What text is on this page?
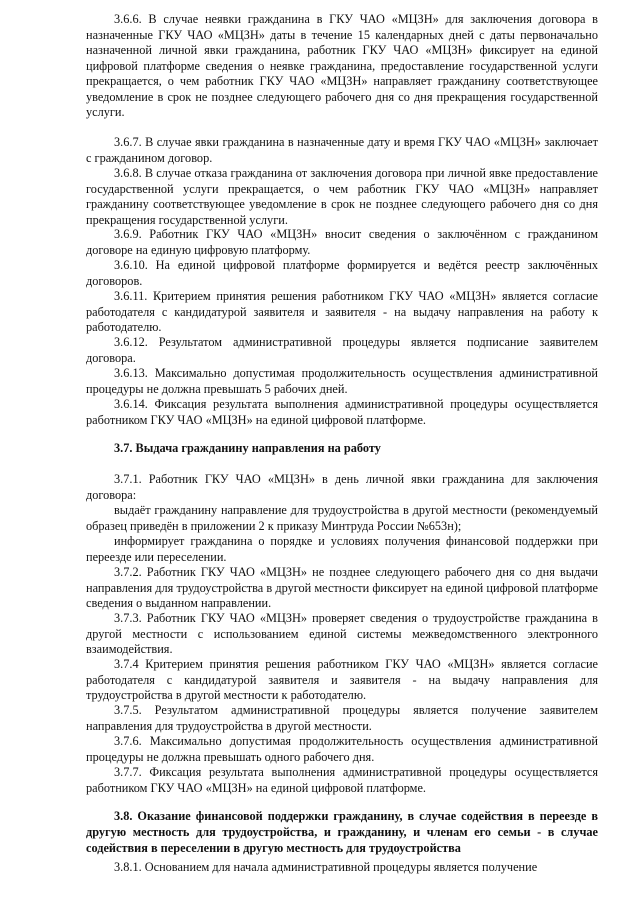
3.6.6. В случае неявки гражданина в ГКУ ЧАО «МЦЗН» для заключения договора в назначенные ГКУ ЧАО «МЦЗН» даты в течение 15 календарных дней с даты первоначально назначенной личной явки гражданина, работник ГКУ ЧАО «МЦЗН» фиксирует на единой цифровой платформе сведения о неявке гражданина, предоставление государственной услуги прекращается, о чем работник ГКУ ЧАО «МЦЗН» направляет гражданину соответствующее уведомление в срок не позднее следующего рабочего дня со дня прекращения государственной услуги.
3.6.7. В случае явки гражданина в назначенные дату и время ГКУ ЧАО «МЦЗН» заключает с гражданином договор.
3.6.8. В случае отказа гражданина от заключения договора при личной явке предоставление государственной услуги прекращается, о чем работник ГКУ ЧАО «МЦЗН» направляет гражданину соответствующее уведомление в срок не позднее следующего рабочего дня со дня прекращения государственной услуги.
3.6.9. Работник ГКУ ЧАО «МЦЗН» вносит сведения о заключённом с гражданином договоре на единую цифровую платформу.
3.6.10. На единой цифровой платформе формируется и ведётся реестр заключённых договоров.
3.6.11. Критерием принятия решения работником ГКУ ЧАО «МЦЗН» является согласие работодателя с кандидатурой заявителя и заявителя - на выдачу направления на работу к работодателю.
3.6.12. Результатом административной процедуры является подписание заявителем договора.
3.6.13. Максимально допустимая продолжительность осуществления административной процедуры не должна превышать 5 рабочих дней.
3.6.14. Фиксация результата выполнения административной процедуры осуществляется работником ГКУ ЧАО «МЦЗН» на единой цифровой платформе.
3.7. Выдача гражданину направления на работу
3.7.1. Работник ГКУ ЧАО «МЦЗН» в день личной явки гражданина для заключения договора:
выдаёт гражданину направление для трудоустройства в другой местности (рекомендуемый образец приведён в приложении 2 к приказу Минтруда России №653н);
информирует гражданина о порядке и условиях получения финансовой поддержки при переезде или переселении.
3.7.2. Работник ГКУ ЧАО «МЦЗН» не позднее следующего рабочего дня со дня выдачи направления для трудоустройства в другой местности фиксирует на единой цифровой платформе сведения о выданном направлении.
3.7.3. Работник ГКУ ЧАО «МЦЗН» проверяет сведения о трудоустройстве гражданина в другой местности с использованием единой системы межведомственного электронного взаимодействия.
3.7.4 Критерием принятия решения работником ГКУ ЧАО «МЦЗН» является согласие работодателя с кандидатурой заявителя и заявителя - на выдачу направления для трудоустройства в другой местности к работодателю.
3.7.5. Результатом административной процедуры является получение заявителем направления для трудоустройства в другой местности.
3.7.6. Максимально допустимая продолжительность осуществления административной процедуры не должна превышать одного рабочего дня.
3.7.7. Фиксация результата выполнения административной процедуры осуществляется работником ГКУ ЧАО «МЦЗН» на единой цифровой платформе.
3.8. Оказание финансовой поддержки гражданину, в случае содействия в переезде в другую местность для трудоустройства, и гражданину, и членам его семьи - в случае содействия в переселении в другую местность для трудоустройства
3.8.1. Основанием для начала административной процедуры является получение
